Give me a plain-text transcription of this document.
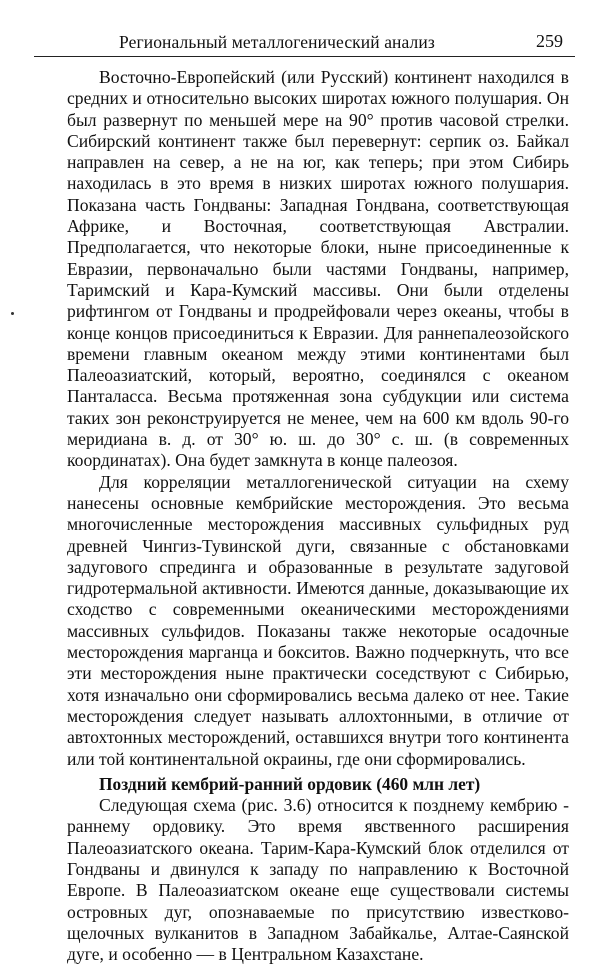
Региональный металлогенический анализ	259

Восточно-Европейский (или Русский) континент находился в средних и относительно высоких широтах южного полушария. Он был развернут по меньшей мере на 90° против часовой стрелки. Сибирский континент также был перевернут: серпик оз. Байкал направлен на север, а не на юг, как теперь; при этом Сибирь находилась в это время в низких широтах южного полушария. Показана часть Гондваны: Западная Гондвана, соответствующая Африке, и Восточная, соответствующая Австралии. Предполагается, что некоторые блоки, ныне присоединенные к Евразии, первоначально были частями Гондваны, например, Таримский и Кара-Кумский массивы. Они были отделены рифтингом от Гондваны и продрейфовали через океаны, чтобы в конце концов присоединиться к Евразии. Для раннепалеозойского времени главным океаном между этими континентами был Палеоазиатский, который, вероятно, соединялся с океаном Панталасса. Весьма протяженная зона субдукции или система таких зон реконструируется не менее, чем на 600 км вдоль 90-го меридиана в. д. от 30° ю. ш. до 30° с. ш. (в современных координатах). Она будет замкнута в конце палеозоя.

Для корреляции металлогенической ситуации на схему нанесены основные кембрийские месторождения. Это весьма многочисленные месторождения массивных сульфидных руд древней Чингиз-Тувинской дуги, связанные с обстановками задугового спрединга и образованные в результате задуговой гидротермальной активности. Имеются данные, доказывающие их сходство с современными океаническими месторождениями массивных сульфидов. Показаны также некоторые осадочные месторождения марганца и бокситов. Важно подчеркнуть, что все эти месторождения ныне практически соседствуют с Сибирью, хотя изначально они сформировались весьма далеко от нее. Такие месторождения следует называть аллохтонными, в отличие от автохтонных месторождений, оставшихся внутри того континента или той континентальной окраины, где они сформировались.

Поздний кембрий-ранний ордовик (460 млн лет)

Следующая схема (рис. 3.6) относится к позднему кембрию - раннему ордовику. Это время явственного расширения Палеоазиатского океана. Тарим-Кара-Кумский блок отделился от Гондваны и двинулся к западу по направлению к Восточной Европе. В Палеоазиатском океане еще существовали системы островных дуг, опознаваемые по присутствию известково-щелочных вулканитов в Западном Забайкалье, Алтае-Саянской дуге, и особенно — в Центральном Казахстане.
